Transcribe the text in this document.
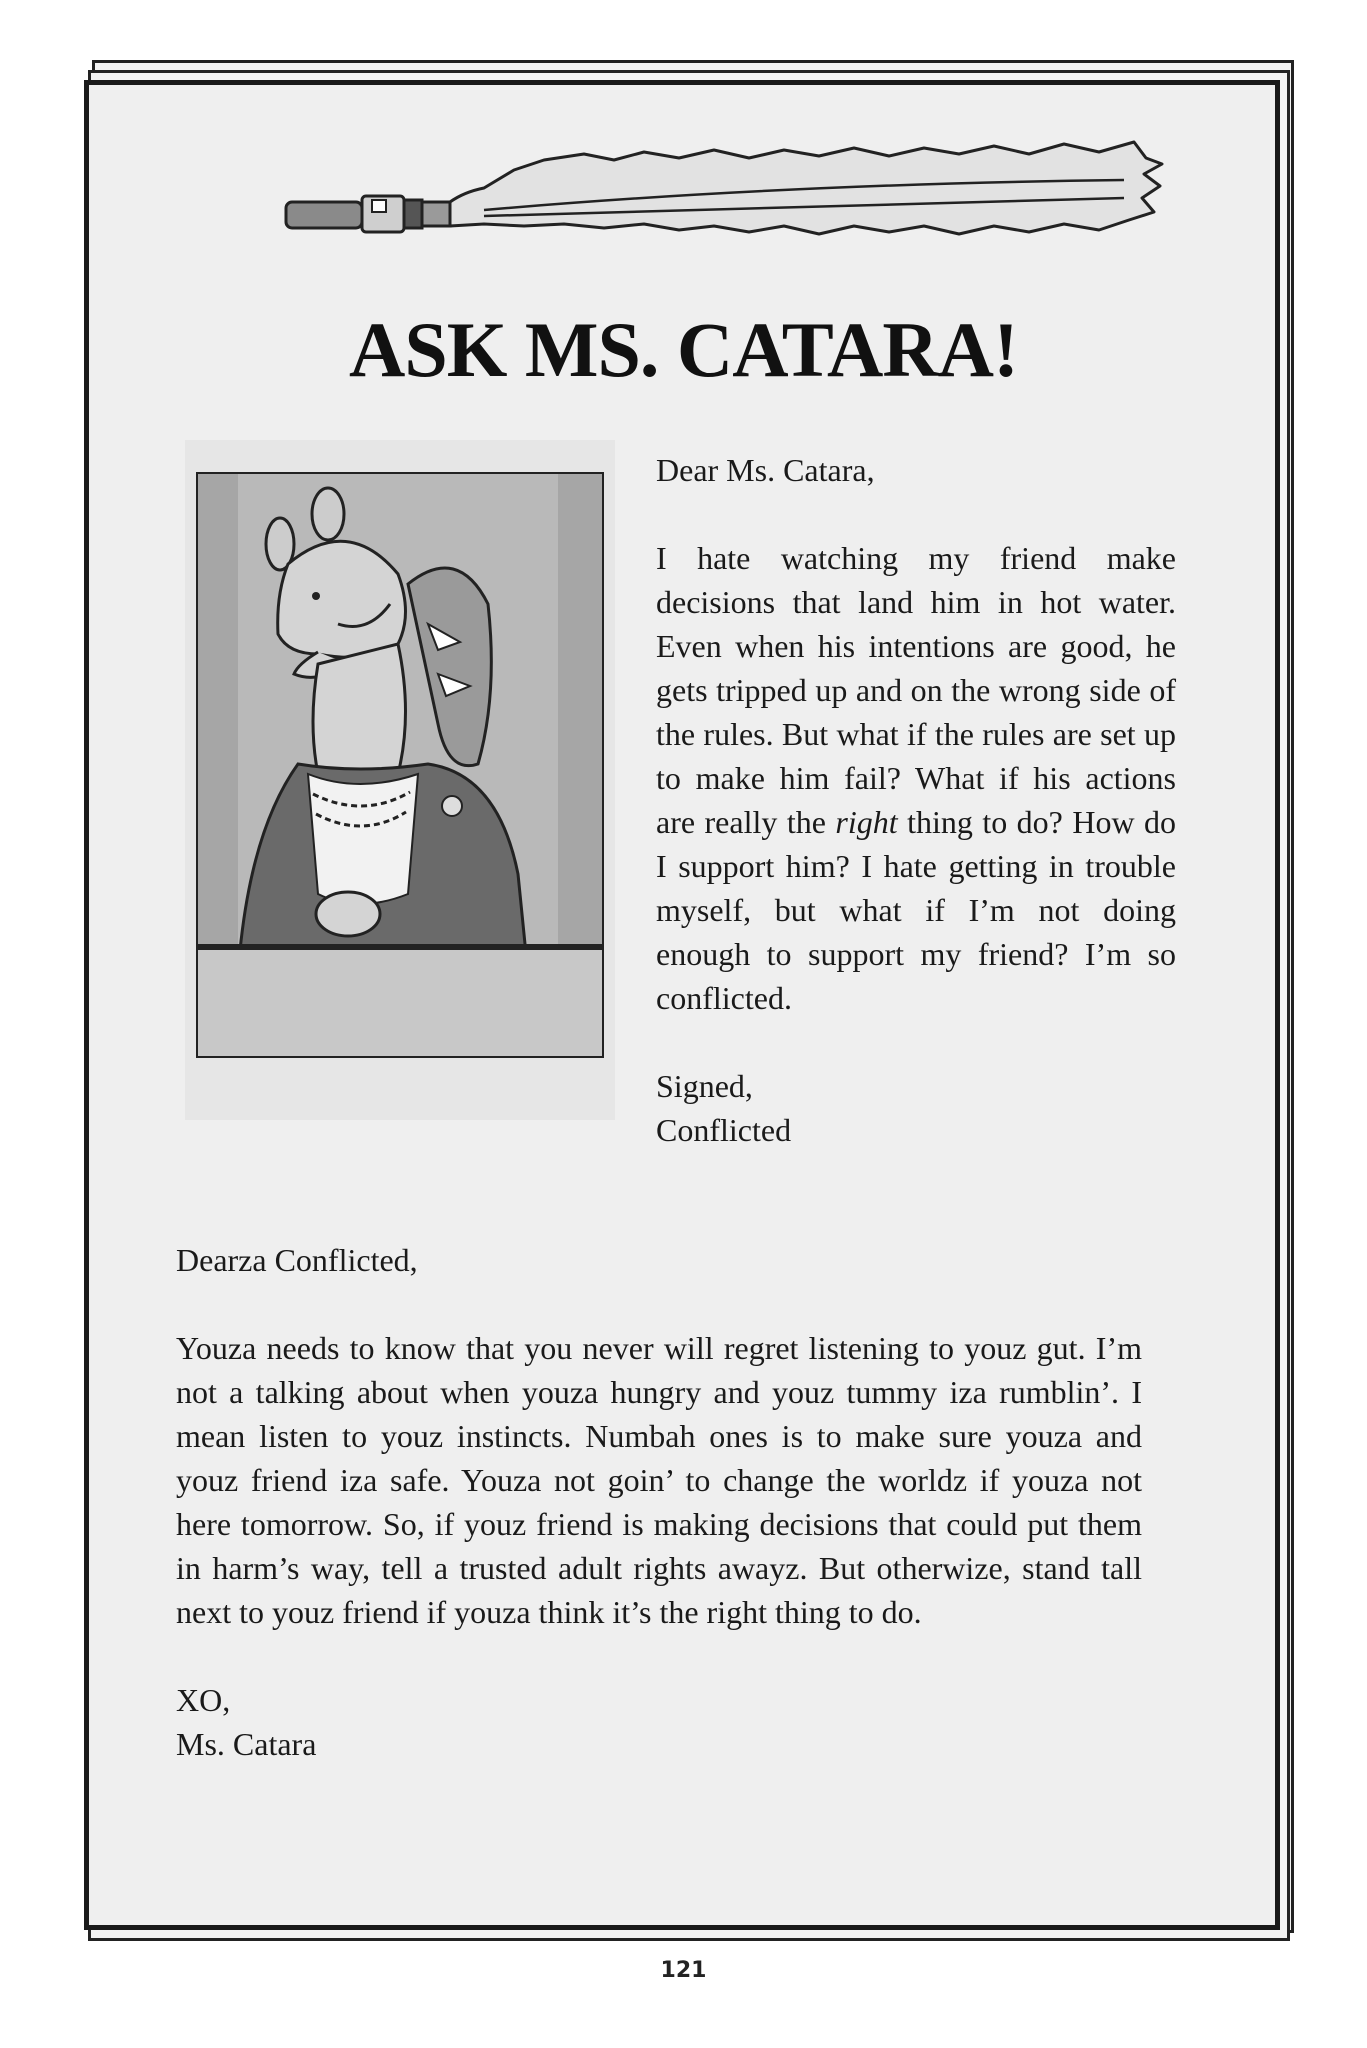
ASK MS. CATARA!

Dear Ms. Catara,

I hate watching my friend make decisions that land him in hot water. Even when his intentions are good, he gets tripped up and on the wrong side of the rules. But what if the rules are set up to make him fail? What if his actions are really the right thing to do? How do I support him? I hate getting in trouble myself, but what if I’m not doing enough to support my friend? I’m so conflicted.

Signed,

Conflicted

Dearza Conflicted,

Youza needs to know that you never will regret listening to youz gut. I’m not a talking about when youza hungry and youz tummy iza rumblin’. I mean listen to youz instincts. Numbah ones is to make sure youza and youz friend iza safe. Youza not goin’ to change the worldz if youza not here tomorrow. So, if youz friend is making decisions that could put them in harm’s way, tell a trusted adult rights awayz. But otherwize, stand tall next to youz friend if youza think it’s the right thing to do.

XO,

Ms. Catara

121
